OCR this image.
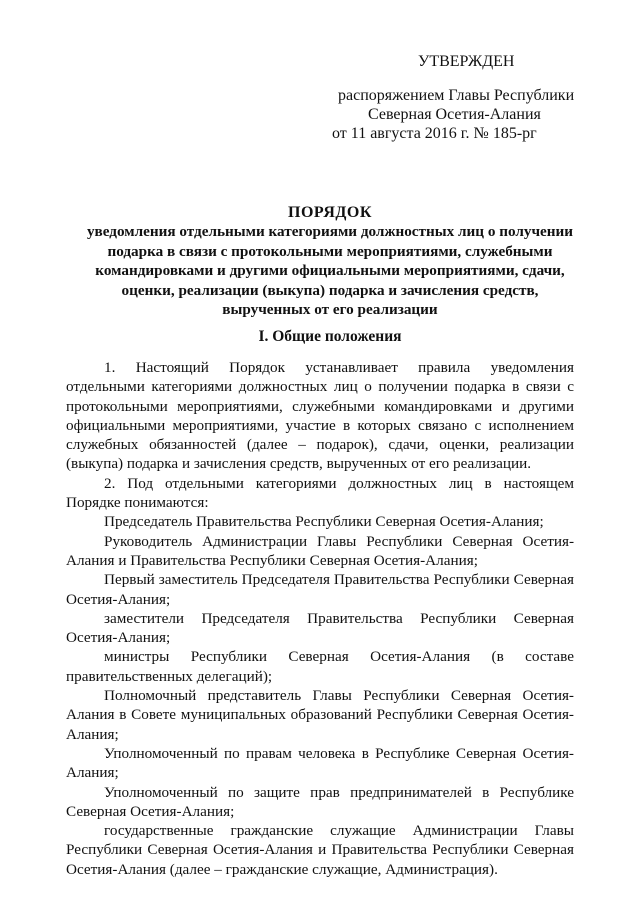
УТВЕРЖДЕН
распоряжением Главы Республики
Северная Осетия-Алания
от 11 августа 2016 г. № 185-рг
ПОРЯДОК
уведомления отдельными категориями должностных лиц о получении
подарка в связи с протокольными мероприятиями, служебными
командировками и другими официальными мероприятиями, сдачи,
оценки, реализации (выкупа) подарка и зачисления средств,
вырученных от его реализации
I. Общие положения

1. Настоящий Порядок устанавливает правила уведомления отдельными категориями должностных лиц о получении подарка в связи с протокольными мероприятиями, служебными командировками и другими официальными мероприятиями, участие в которых связано с исполнением служебных обязанностей (далее – подарок), сдачи, оценки, реализации (выкупа) подарка и зачисления средств, вырученных от его реализации.

2. Под отдельными категориями должностных лиц в настоящем Порядке понимаются:

Председатель Правительства Республики Северная Осетия-Алания;

Руководитель Администрации Главы Республики Северная Осетия-Алания и Правительства Республики Северная Осетия-Алания;

Первый заместитель Председателя Правительства Республики Северная Осетия-Алания;

заместители Председателя Правительства Республики Северная Осетия-Алания;

министры Республики Северная Осетия-Алания (в составе правительственных делегаций);

Полномочный представитель Главы Республики Северная Осетия-Алания в Совете муниципальных образований Республики Северная Осетия-Алания;

Уполномоченный по правам человека в Республике Северная Осетия-Алания;

Уполномоченный по защите прав предпринимателей в Республике Северная Осетия-Алания;

государственные гражданские служащие Администрации Главы Республики Северная Осетия-Алания и Правительства Республики Северная Осетия-Алания (далее – гражданские служащие, Администрация).
